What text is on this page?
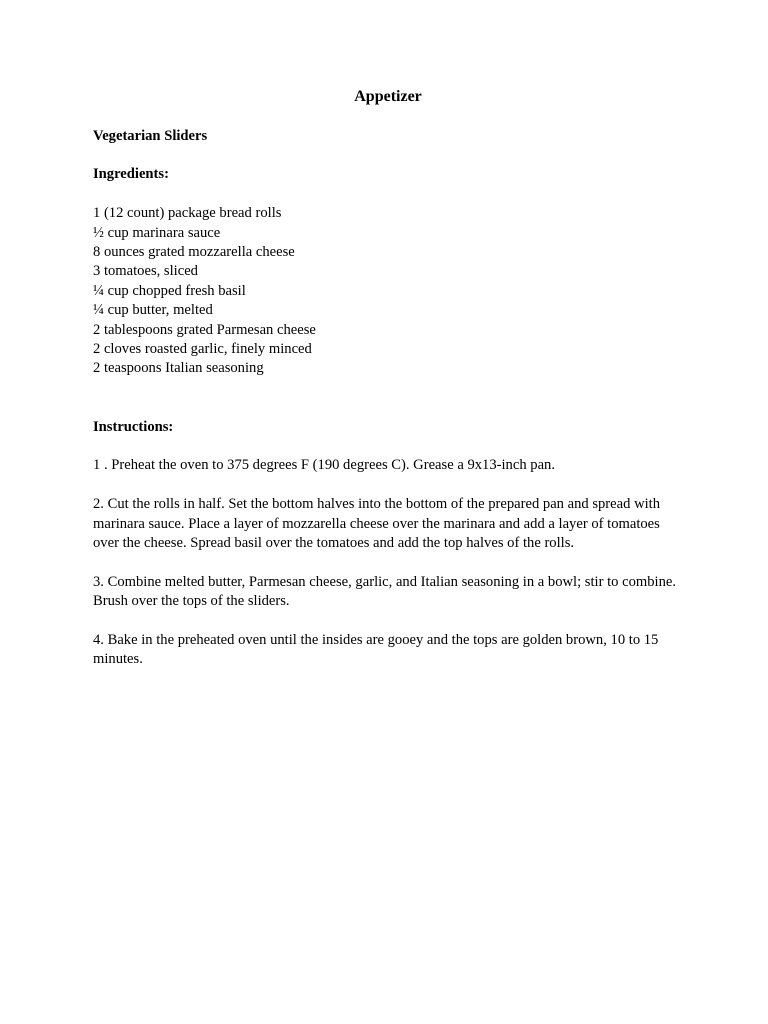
Appetizer
Vegetarian Sliders
Ingredients:
1 (12 count) package bread rolls
½ cup marinara sauce
8 ounces grated mozzarella cheese
3 tomatoes, sliced
¼ cup chopped fresh basil
¼ cup butter, melted
2 tablespoons grated Parmesan cheese
2 cloves roasted garlic, finely minced
2 teaspoons Italian seasoning
Instructions:

1 . Preheat the oven to 375 degrees F (190 degrees C). Grease a 9x13-inch pan.

2. Cut the rolls in half. Set the bottom halves into the bottom of the prepared pan and spread with marinara sauce. Place a layer of mozzarella cheese over the marinara and add a layer of tomatoes over the cheese. Spread basil over the tomatoes and add the top halves of the rolls.

3. Combine melted butter, Parmesan cheese, garlic, and Italian seasoning in a bowl; stir to combine. Brush over the tops of the sliders.

4. Bake in the preheated oven until the insides are gooey and the tops are golden brown, 10 to 15 minutes.
